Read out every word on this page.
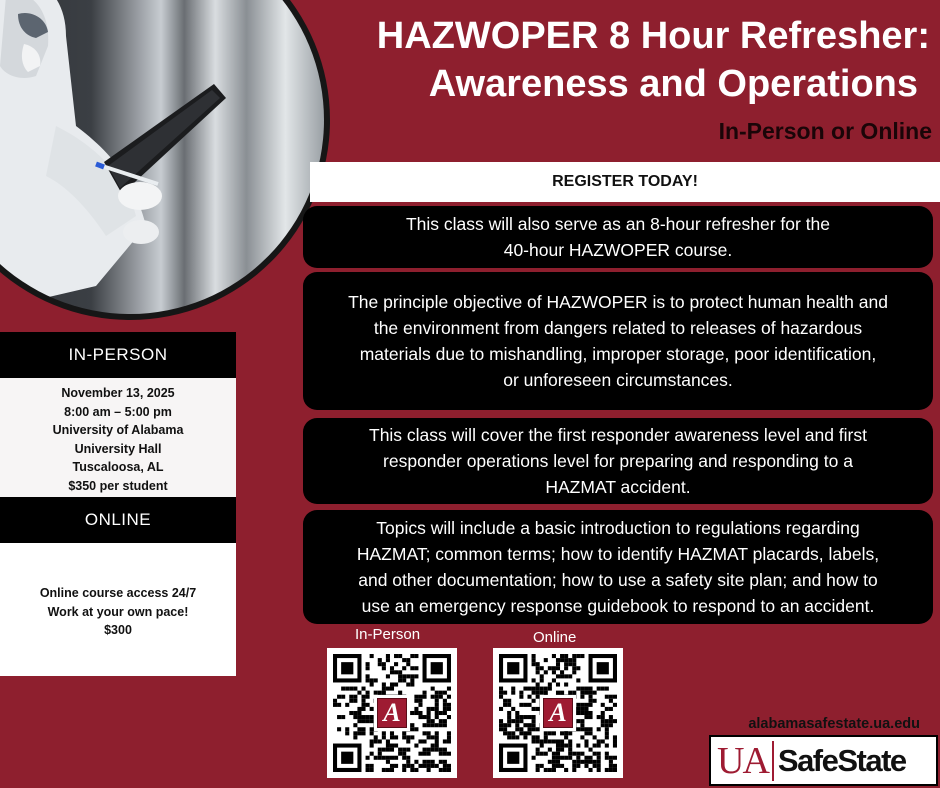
HAZWOPER 8 Hour Refresher:
Awareness and Operations
In-Person or Online
REGISTER TODAY!
This class will also serve as an 8-hour refresher for the
40-hour HAZWOPER course.
The principle objective of HAZWOPER is to protect human health and
the environment from dangers related to releases of hazardous
materials due to mishandling, improper storage, poor identification,
or unforeseen circumstances.
This class will cover the first responder awareness level and first
responder operations level for preparing and responding to a
HAZMAT accident.
Topics will include a basic introduction to regulations regarding
HAZMAT; common terms; how to identify HAZMAT placards, labels,
and other documentation; how to use a safety site plan; and how to
use an emergency response guidebook to respond to an accident.
IN-PERSON
November 13, 2025
8:00 am – 5:00 pm
University of Alabama
University Hall
Tuscaloosa, AL
$350 per student
ONLINE
Online course access 24/7
Work at your own pace!
$300	In-Person	Online
A	A	alabamasafestate.ua.edu
UA SafeState
